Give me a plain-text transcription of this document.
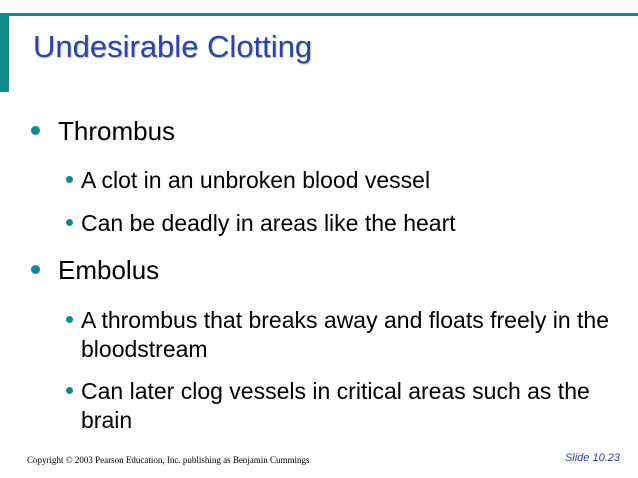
Undesirable Clotting
Thrombus
A clot in an unbroken blood vessel
Can be deadly in areas like the heart
Embolus
A thrombus that breaks away and floats freely in the bloodstream
Can later clog vessels in critical areas such as the brain
Copyright © 2003 Pearson Education, Inc. publishing as Benjamin Cummings	Slide 10.23
